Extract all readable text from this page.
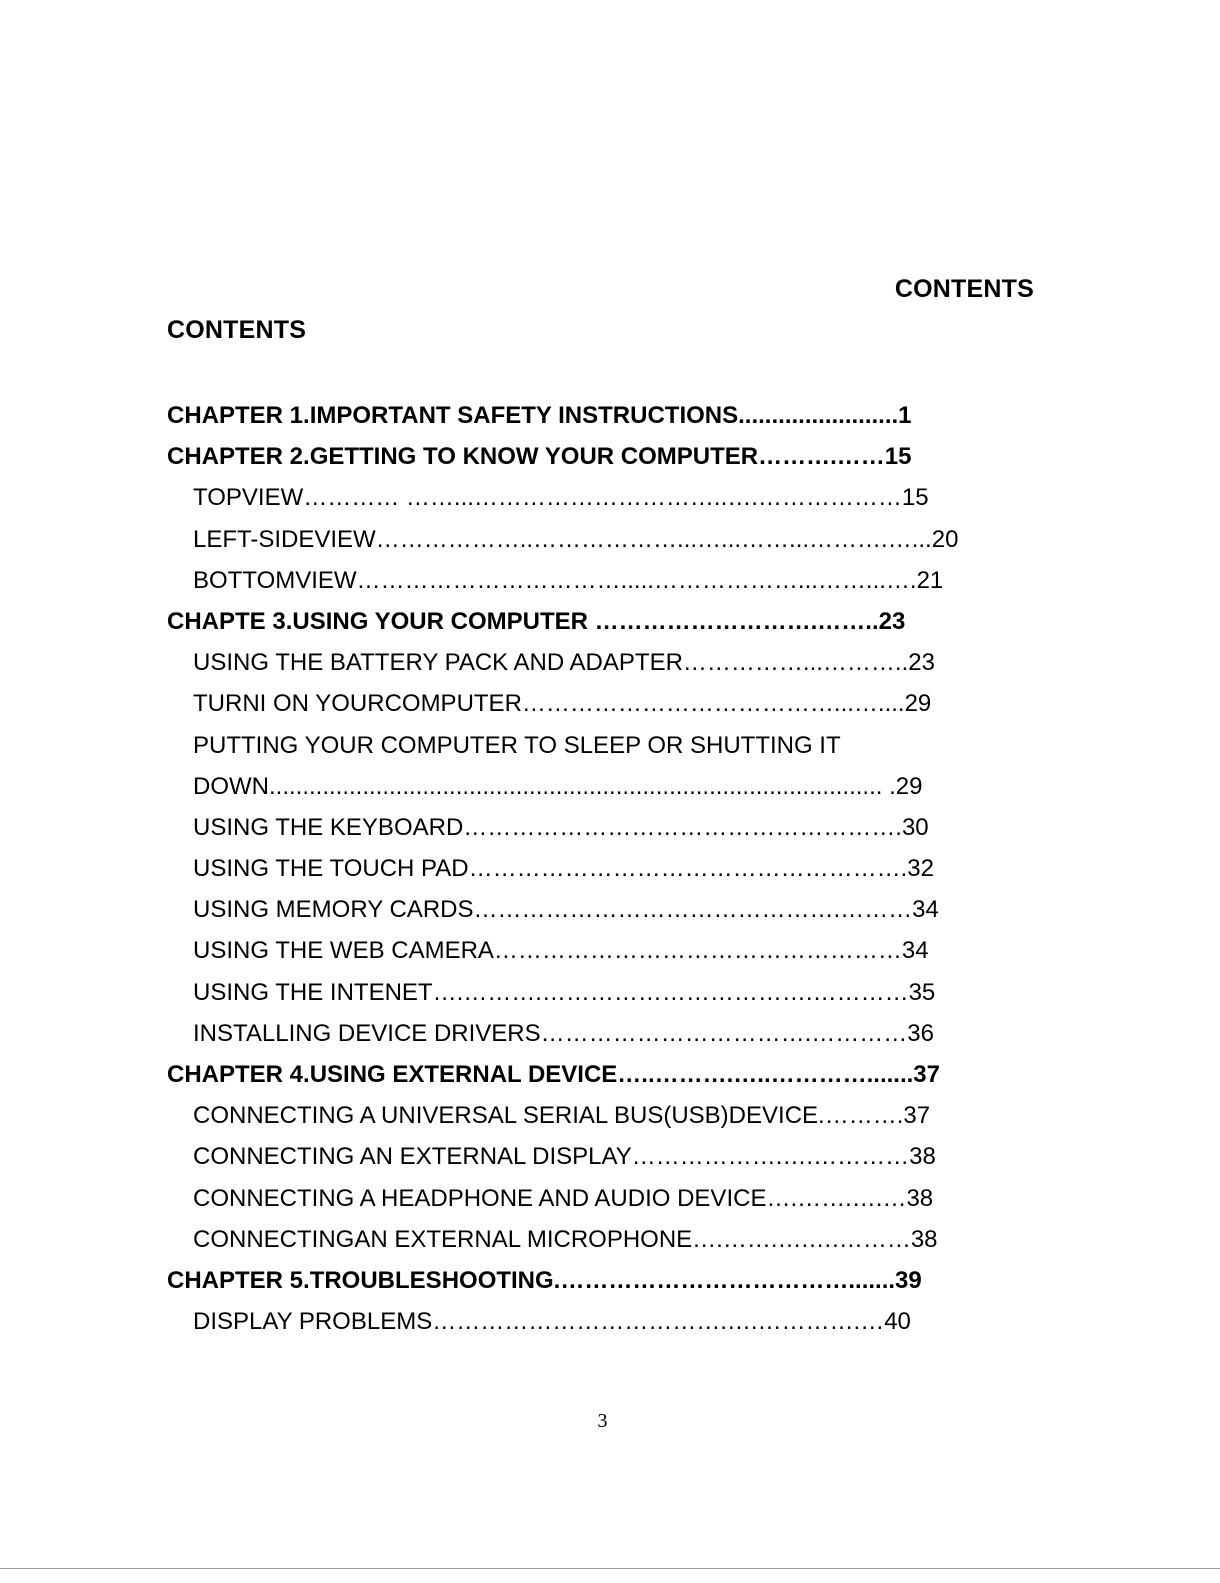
CONTENTS
CONTENTS
CHAPTER 1.IMPORTANT SAFETY INSTRUCTIONS........................1
CHAPTER 2.GETTING TO KNOW YOUR COMPUTER……….……15
TOPVIEW………… ……...…………………………..….………………15
LEFT-SIDEVIEW………………..………………...…...……...……….…...20
BOTTOMVIEW…………………………….....………………...……...….21
CHAPTE 3.USING YOUR COMPUTER ……………………….……..23
USING THE BATTERY PACK AND ADAPTER……………...………..23
TURNI ON YOURCOMPUTER…………………………………...…....29
PUTTING YOUR COMPUTER TO SLEEP OR SHUTTING IT
DOWN............................................................................................ .29
USING THE KEYBOARD……………………………………………….30
USING THE TOUCH PAD……………………………………………….32
USING MEMORY CARDS……………………………………….………34
USING THE WEB CAMERA……………………………………………34
USING THE INTENET….……….…………………………….…………35
INSTALLING DEVICE DRIVERS…………………………….…………36
CHAPTER 4.USING EXTERNAL DEVICE…..……….…..………….......37
CONNECTING A UNIVERSAL SERIAL BUS(USB)DEVICE.……….37
CONNECTING AN EXTERNAL DISPLAY……………….….…………38
CONNECTING A HEADPHONE AND AUDIO DEVICE….…….….…38
CONNECTINGAN EXTERNAL MICROPHONE….…….….….………38
CHAPTER 5.TROUBLESHOOTING.……………………………….......39
DISPLAY PROBLEMS……………………………….….………….…40
3
